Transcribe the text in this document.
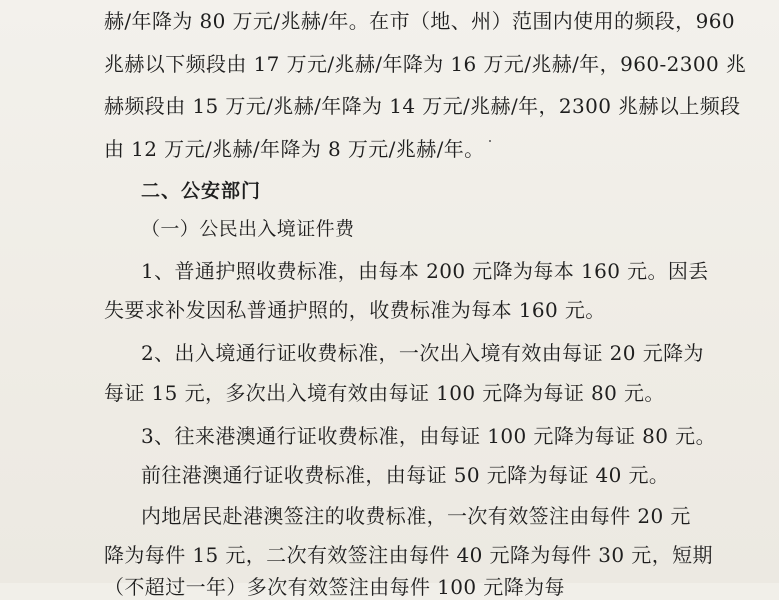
赫/年降为 80 万元/兆赫/年。在市（地、州）范围内使用的频段，960
兆赫以下频段由 17 万元/兆赫/年降为 16 万元/兆赫/年，960-2300 兆
赫频段由 15 万元/兆赫/年降为 14 万元/兆赫/年，2300 兆赫以上频段
由 12 万元/兆赫/年降为 8 万元/兆赫/年。
二、公安部门
（一）公民出入境证件费
1、普通护照收费标准，由每本 200 元降为每本 160 元。因丢
失要求补发因私普通护照的，收费标准为每本 160 元。
2、出入境通行证收费标准，一次出入境有效由每证 20 元降为
每证 15 元，多次出入境有效由每证 100 元降为每证 80 元。
3、往来港澳通行证收费标准，由每证 100 元降为每证 80 元。
前往港澳通行证收费标准，由每证 50 元降为每证 40 元。
内地居民赴港澳签注的收费标准，一次有效签注由每件 20 元
降为每件 15 元，二次有效签注由每件 40 元降为每件 30 元，短期
（不超过一年）多次有效签注由每件 100 元降为每
